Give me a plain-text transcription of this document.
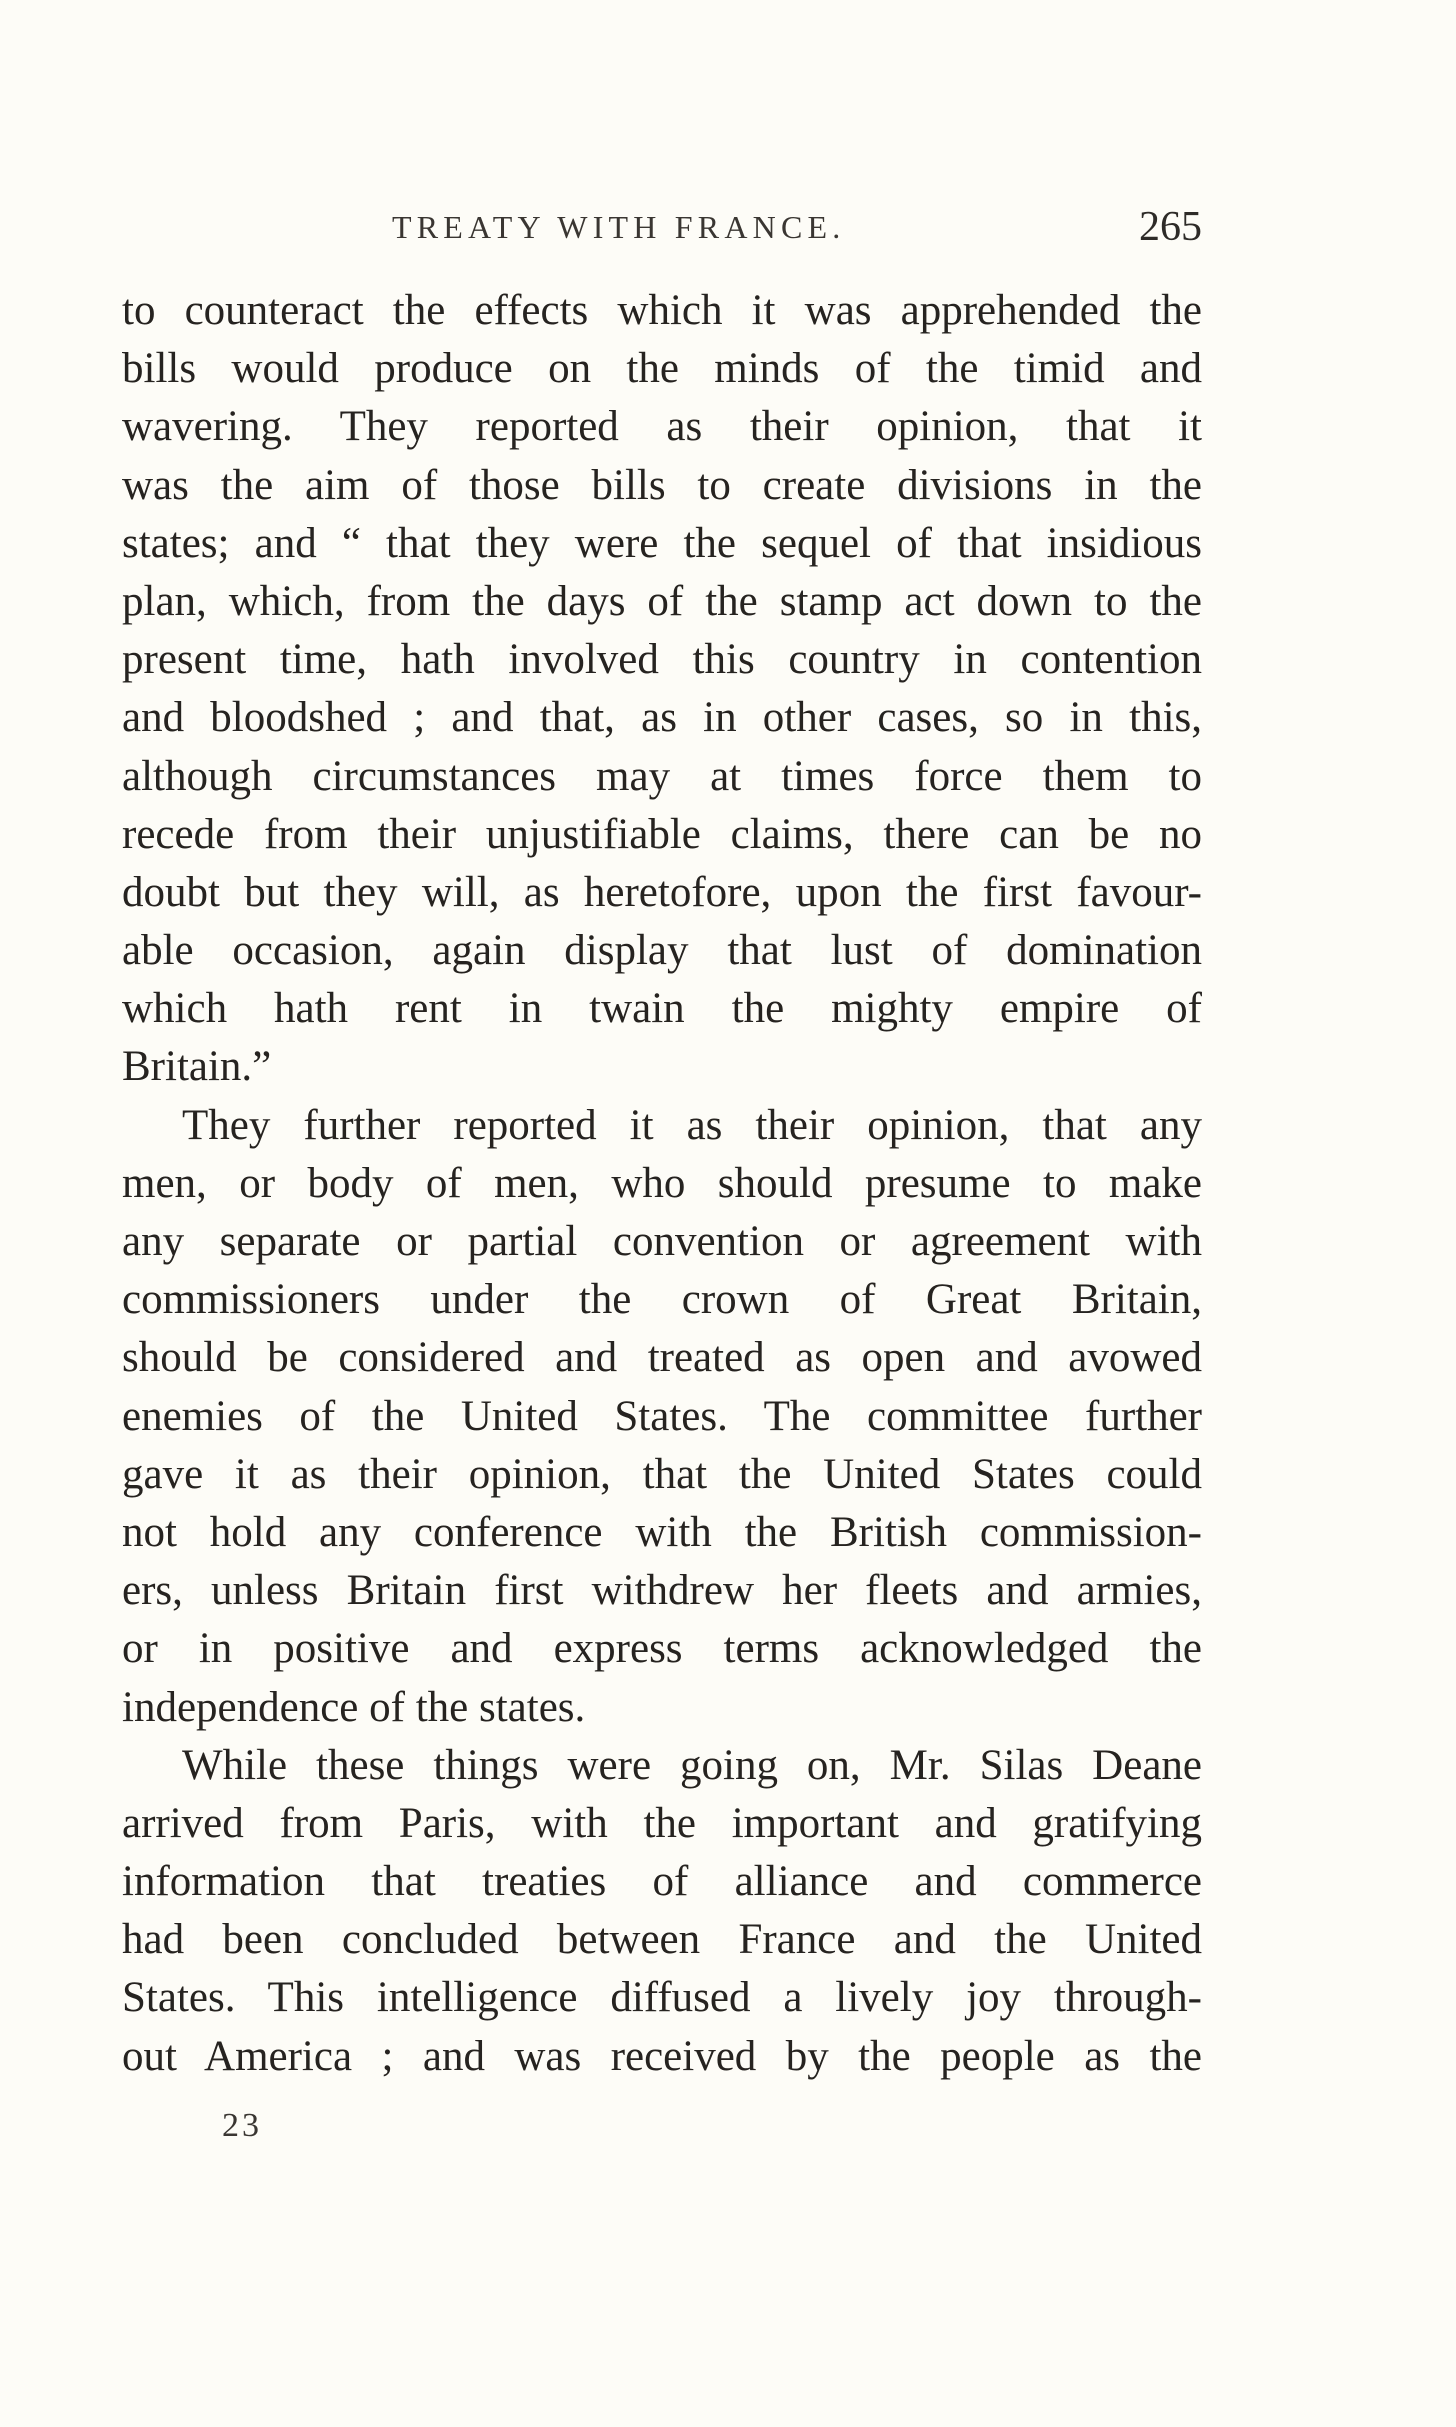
TREATY WITH FRANCE.	265
to counteract the effects which it was apprehended the
bills would produce on the minds of the timid and
wavering. They reported as their opinion, that it
was the aim of those bills to create divisions in the
states; and “ that they were the sequel of that insidious
plan, which, from the days of the stamp act down to the
present time, hath involved this country in contention
and bloodshed ; and that, as in other cases, so in this,
although circumstances may at times force them to
recede from their unjustifiable claims, there can be no
doubt but they will, as heretofore, upon the first favour-
able occasion, again display that lust of domination
which hath rent in twain the mighty empire of
Britain.”
They further reported it as their opinion, that any
men, or body of men, who should presume to make
any separate or partial convention or agreement with
commissioners under the crown of Great Britain,
should be considered and treated as open and avowed
enemies of the United States. The committee further
gave it as their opinion, that the United States could
not hold any conference with the British commission-
ers, unless Britain first withdrew her fleets and armies,
or in positive and express terms acknowledged the
independence of the states.
While these things were going on, Mr. Silas Deane
arrived from Paris, with the important and gratifying
information that treaties of alliance and commerce
had been concluded between France and the United
States. This intelligence diffused a lively joy through-
out America ; and was received by the people as the
23
